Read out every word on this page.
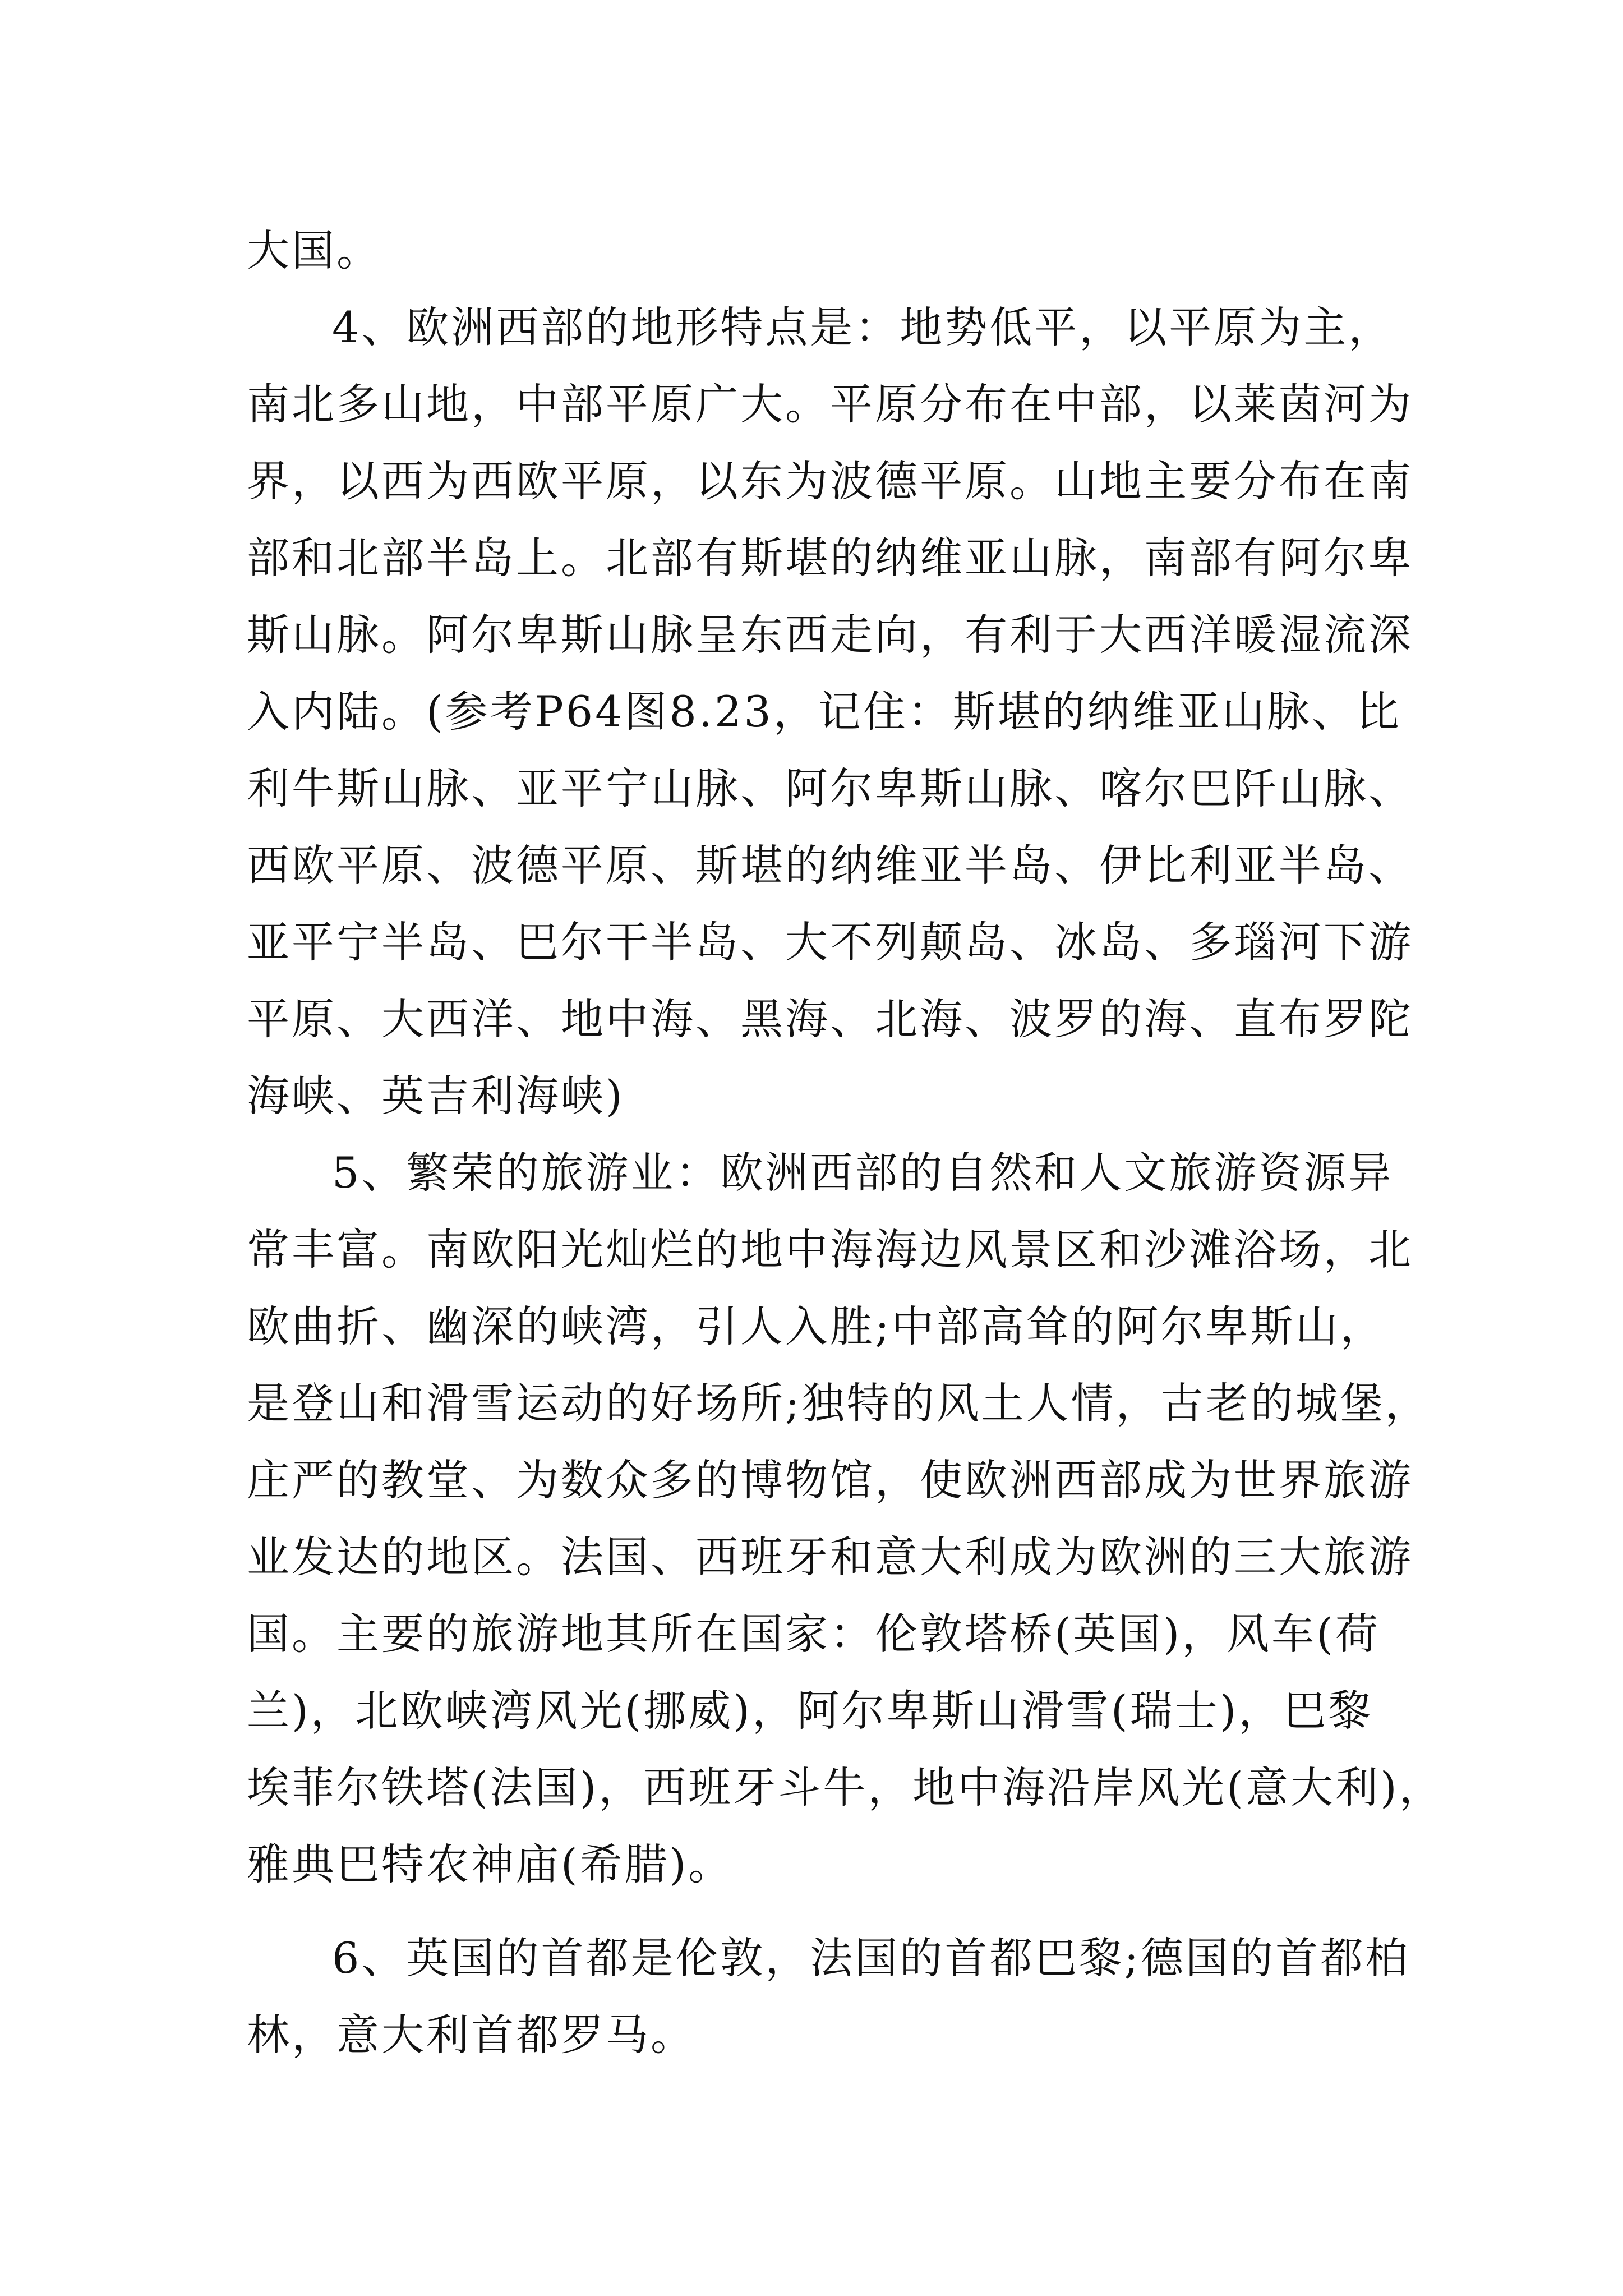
大国。
4、欧洲西部的地形特点是：地势低平，以平原为主，
南北多山地，中部平原广大。平原分布在中部，以莱茵河为
界，以西为西欧平原，以东为波德平原。山地主要分布在南
部和北部半岛上。北部有斯堪的纳维亚山脉，南部有阿尔卑
斯山脉。阿尔卑斯山脉呈东西走向，有利于大西洋暖湿流深
入内陆。(参考P64图8.23，记住：斯堪的纳维亚山脉、比
利牛斯山脉、亚平宁山脉、阿尔卑斯山脉、喀尔巴阡山脉、
西欧平原、波德平原、斯堪的纳维亚半岛、伊比利亚半岛、
亚平宁半岛、巴尔干半岛、大不列颠岛、冰岛、多瑙河下游
平原、大西洋、地中海、黑海、北海、波罗的海、直布罗陀
海峡、英吉利海峡)
5、繁荣的旅游业：欧洲西部的自然和人文旅游资源异
常丰富。南欧阳光灿烂的地中海海边风景区和沙滩浴场，北
欧曲折、幽深的峡湾，引人入胜;中部高耸的阿尔卑斯山，
是登山和滑雪运动的好场所;独特的风土人情，古老的城堡，
庄严的教堂、为数众多的博物馆，使欧洲西部成为世界旅游
业发达的地区。法国、西班牙和意大利成为欧洲的三大旅游
国。主要的旅游地其所在国家：伦敦塔桥(英国)，风车(荷
兰)，北欧峡湾风光(挪威)，阿尔卑斯山滑雪(瑞士)，巴黎
埃菲尔铁塔(法国)，西班牙斗牛，地中海沿岸风光(意大利)，
雅典巴特农神庙(希腊)。
6、英国的首都是伦敦，法国的首都巴黎;德国的首都柏
林，意大利首都罗马。
